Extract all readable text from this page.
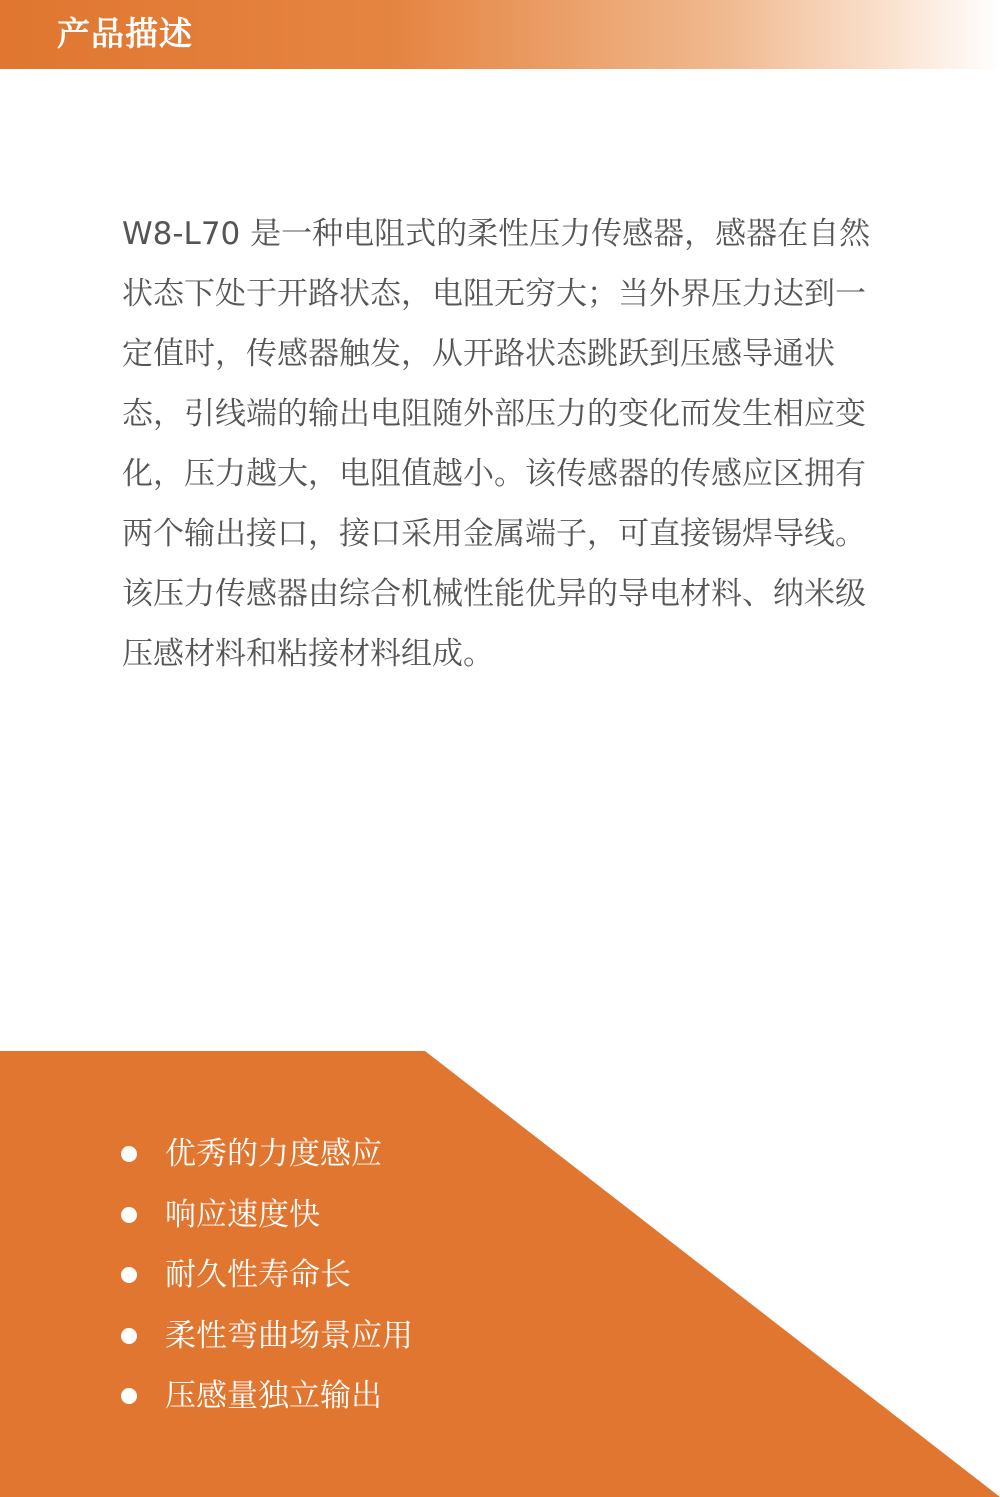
产品描述

W8-L70 是一种电阻式的柔性压力传感器，感器在自然状态下处于开路状态，电阻无穷大；当外界压力达到一定值时，传感器触发，从开路状态跳跃到压感导通状态，引线端的输出电阻随外部压力的变化而发生相应变化，压力越大，电阻值越小。该传感器的传感应区拥有两个输出接口，接口采用金属端子，可直接锡焊导线。该压力传感器由综合机械性能优异的导电材料、纳米级压感材料和粘接材料组成。

优秀的力度感应
响应速度快
耐久性寿命长
柔性弯曲场景应用
压感量独立输出
